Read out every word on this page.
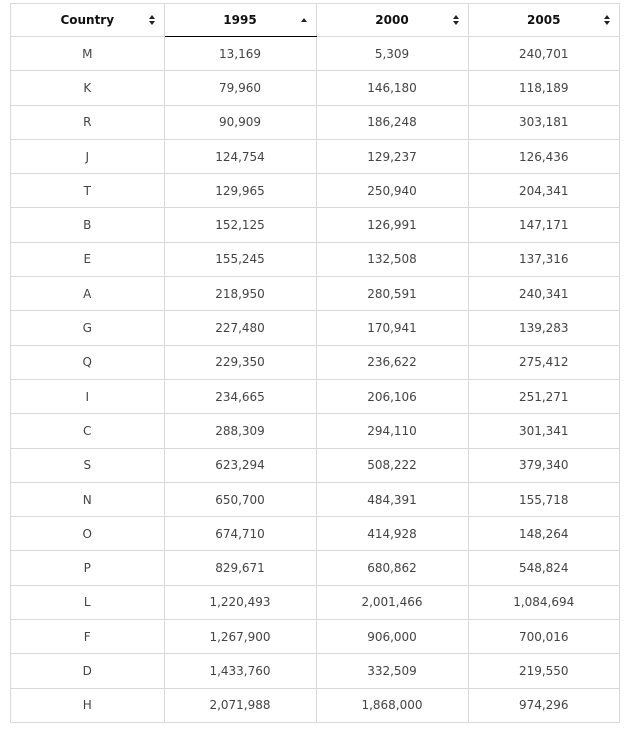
Country	1995	2000	2005

M	13,169	5,309	240,701
K	79,960	146,180	118,189
R	90,909	186,248	303,181
J	124,754	129,237	126,436
T	129,965	250,940	204,341
B	152,125	126,991	147,171
E	155,245	132,508	137,316
A	218,950	280,591	240,341
G	227,480	170,941	139,283
Q	229,350	236,622	275,412
I	234,665	206,106	251,271
C	288,309	294,110	301,341
S	623,294	508,222	379,340
N	650,700	484,391	155,718
O	674,710	414,928	148,264
P	829,671	680,862	548,824
L	1,220,493	2,001,466	1,084,694
F	1,267,900	906,000	700,016
D	1,433,760	332,509	219,550
H	2,071,988	1,868,000	974,296
